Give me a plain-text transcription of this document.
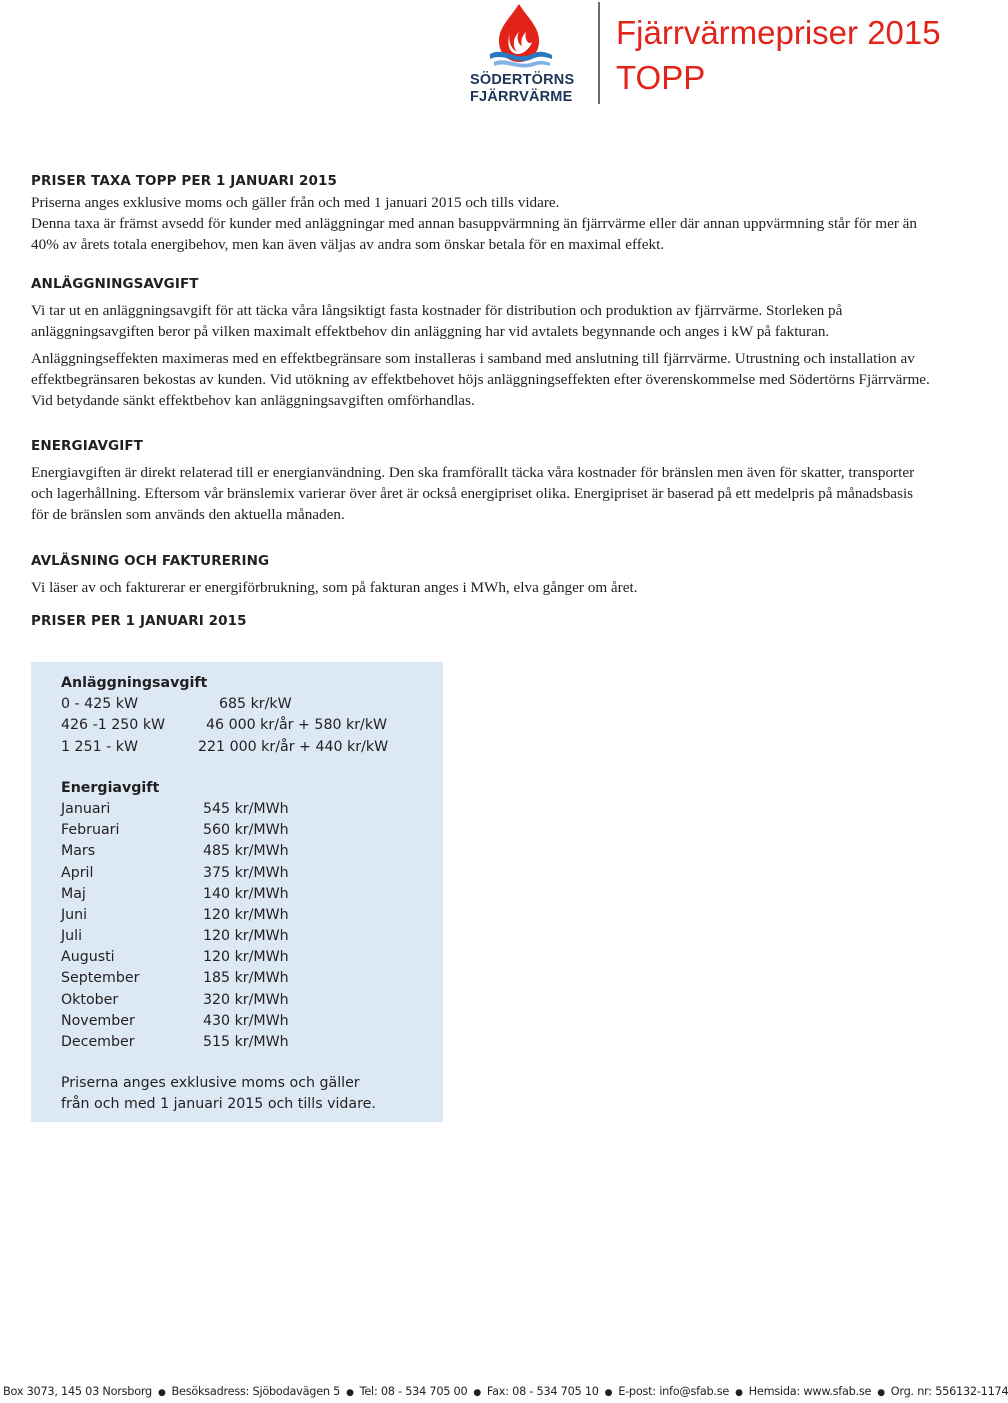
SÖDERTÖRNS
FJÄRRVÄRME
Fjärrvärmepriser 2015
TOPP
PRISER TAXA TOPP PER 1 JANUARI 2015
Priserna anges exklusive moms och gäller från och med 1 januari 2015 och tills vidare.
Denna taxa är främst avsedd för kunder med anläggningar med annan basuppvärmning än fjärrvärme eller där annan uppvärmning står för mer än 40% av årets totala energibehov, men kan även väljas av andra som önskar betala för en maximal effekt.
ANLÄGGNINGSAVGIFT
Vi tar ut en anläggningsavgift för att täcka våra långsiktigt fasta kostnader för distribution och produktion av fjärrvärme. Storleken på anläggningsavgiften beror på vilken maximalt effektbehov din anläggning har vid avtalets begynnande och anges i kW på fakturan.
Anläggningseffekten maximeras med en effektbegränsare som installeras i samband med anslutning till fjärrvärme. Utrustning och installation av effektbegränsaren bekostas av kunden. Vid utökning av effektbehovet höjs anläggningseffekten efter överenskommelse med Södertörns Fjärrvärme. Vid betydande sänkt effektbehov kan anläggningsavgiften omförhandlas.
ENERGIAVGIFT
Energiavgiften är direkt relaterad till er energianvändning. Den ska framförallt täcka våra kostnader för bränslen men även för skatter, transporter och lagerhållning. Eftersom vår bränslemix varierar över året är också energipriset olika. Energipriset är baserad på ett medelpris på månadsbasis för de bränslen som används den aktuella månaden.
AVLÄSNING OCH FAKTURERING
Vi läser av och fakturerar er energiförbrukning, som på fakturan anges i MWh, elva gånger om året.
PRISER PER 1 JANUARI 2015
Anläggningsavgift
0 - 425 kW	685 kr/kW
426 -1 250 kW	46 000 kr/år + 580 kr/kW
1 251 - kW	221 000 kr/år + 440 kr/kW
Energiavgift
Januari	545 kr/MWh
Februari	560 kr/MWh
Mars	485 kr/MWh
April	375 kr/MWh
Maj	140 kr/MWh
Juni	120 kr/MWh
Juli	120 kr/MWh
Augusti	120 kr/MWh
September	185 kr/MWh
Oktober	320 kr/MWh
November	430 kr/MWh
December	515 kr/MWh
Priserna anges exklusive moms och gäller
från och med 1 januari 2015 och tills vidare.
Box 3073, 145 03 Norsborg  ●  Besöksadress: Sjöbodavägen 5  ●  Tel: 08 - 534 705 00  ●  Fax: 08 - 534 705 10  ●  E-post: info@sfab.se  ●  Hemsida: www.sfab.se  ●  Org. nr: 556132-1174
